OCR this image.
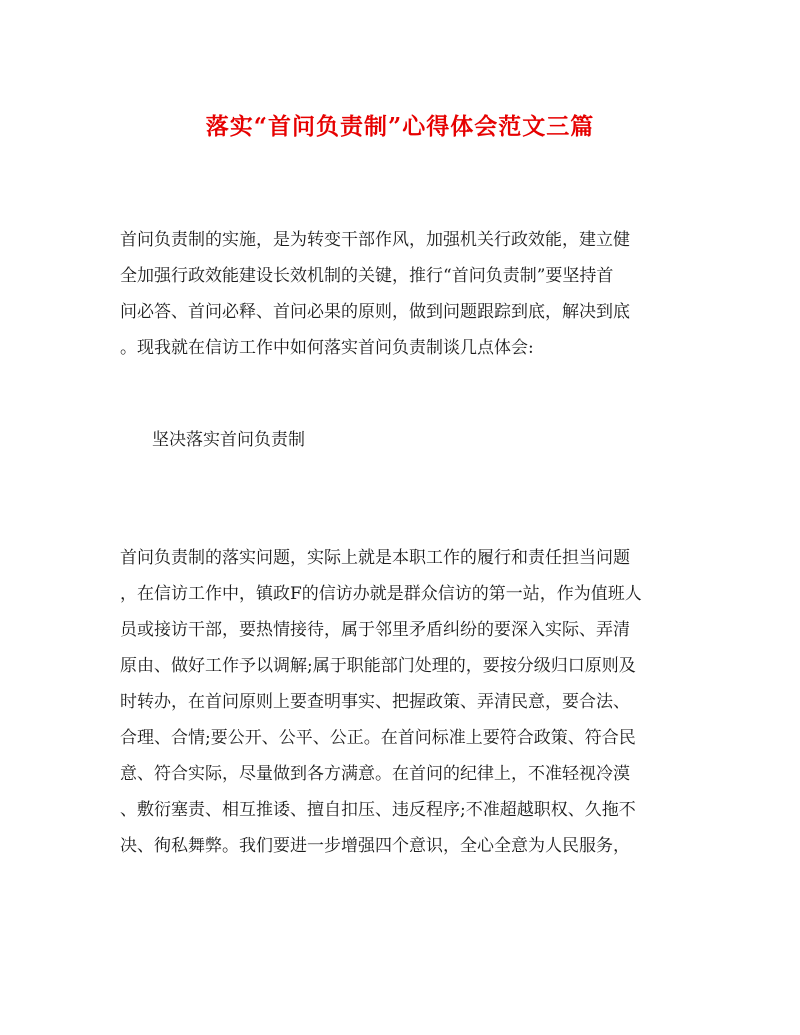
落实“首问负责制”心得体会范文三篇
首问负责制的实施，是为转变干部作风，加强机关行政效能，建立健
全加强行政效能建设长效机制的关键，推行“首问负责制”要坚持首
问必答、首问必释、首问必果的原则，做到问题跟踪到底，解决到底
。现我就在信访工作中如何落实首问负责制谈几点体会:
坚决落实首问负责制
首问负责制的落实问题，实际上就是本职工作的履行和责任担当问题
，在信访工作中，镇政F的信访办就是群众信访的第一站，作为值班人
员或接访干部，要热情接待，属于邻里矛盾纠纷的要深入实际、弄清
原由、做好工作予以调解;属于职能部门处理的，要按分级归口原则及
时转办，在首问原则上要查明事实、把握政策、弄清民意，要合法、
合理、合情;要公开、公平、公正。在首问标准上要符合政策、符合民
意、符合实际，尽量做到各方满意。在首问的纪律上，不准轻视冷漠
、敷衍塞责、相互推诿、擅自扣压、违反程序;不准超越职权、久拖不
决、徇私舞弊。我们要进一步增强四个意识，全心全意为人民服务，
